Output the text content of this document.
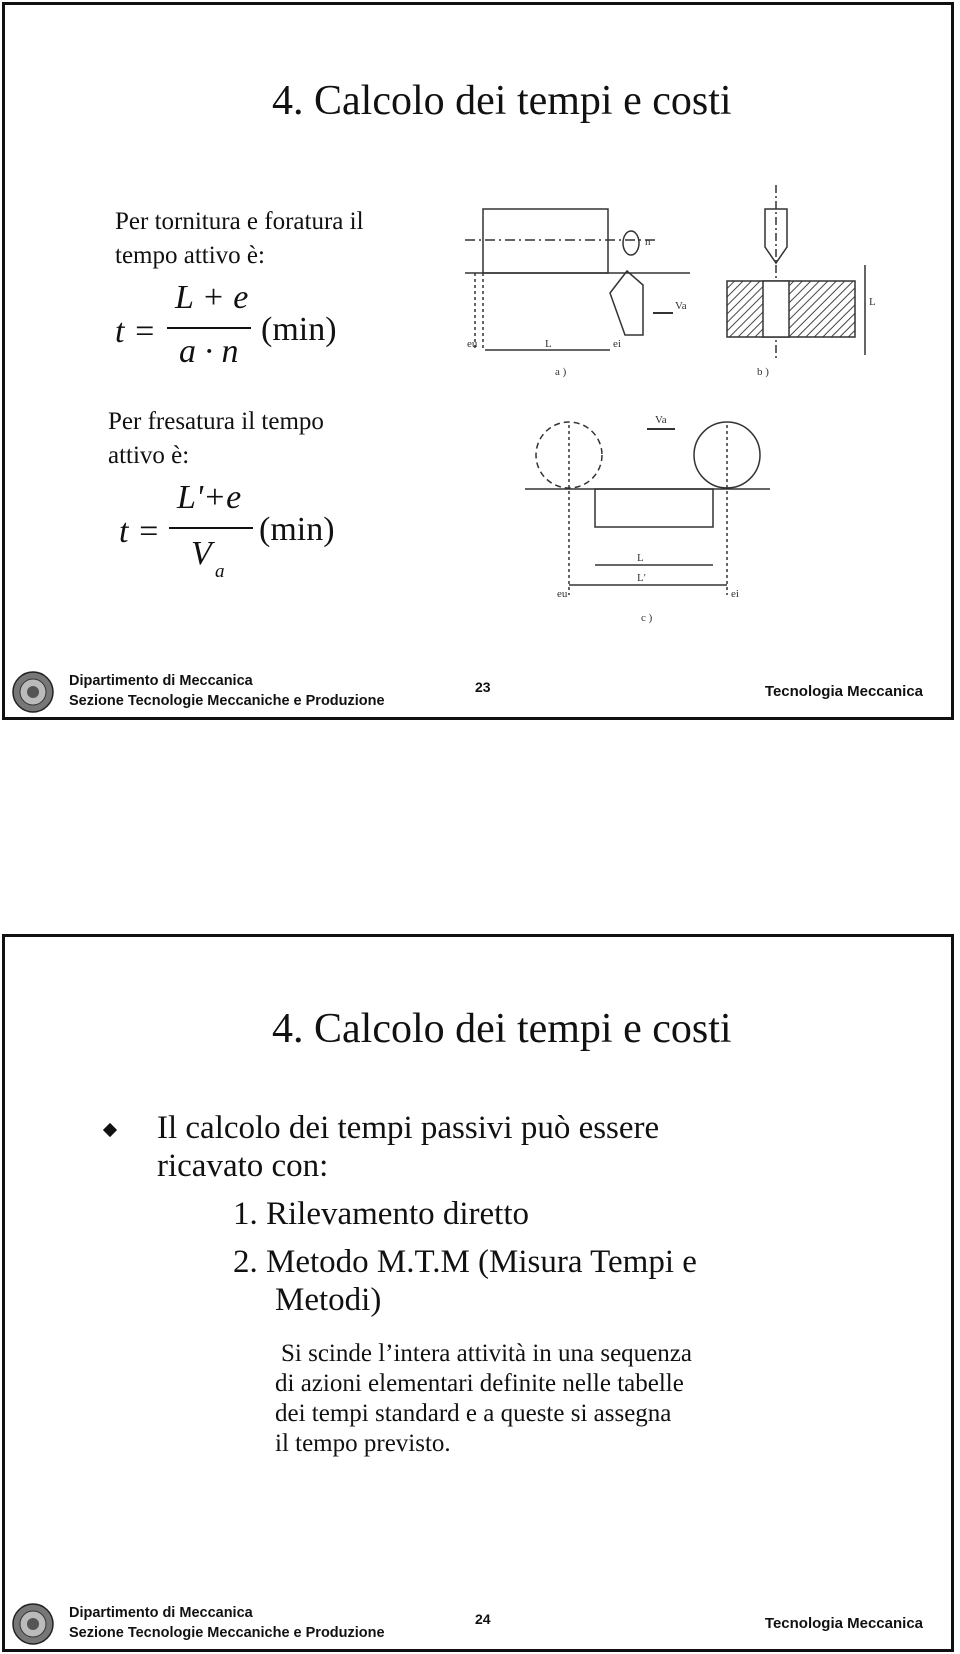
4. Calcolo dei tempi e costi
Per tornitura e foratura il
tempo attivo è:
t =
L + e
a · n
(min)
Per fresatura il tempo
attivo è:
t =
L'+e
V a
(min)
n
Va
L
eu	ei
a )	b )
L
Va
L
L'
eu	ei
c )
Dipartimento di Meccanica
Sezione Tecnologie Meccaniche e Produzione
23	Tecnologia Meccanica
4. Calcolo dei tempi e costi
Il calcolo dei tempi passivi può essere
ricavato con:
1. Rilevamento diretto
2. Metodo M.T.M (Misura Tempi e
Metodi)
Si scinde l’intera attività in una sequenza
di azioni elementari definite nelle tabelle
dei tempi standard e a queste si assegna
il tempo previsto.
Dipartimento di Meccanica
Sezione Tecnologie Meccaniche e Produzione
24	Tecnologia Meccanica
